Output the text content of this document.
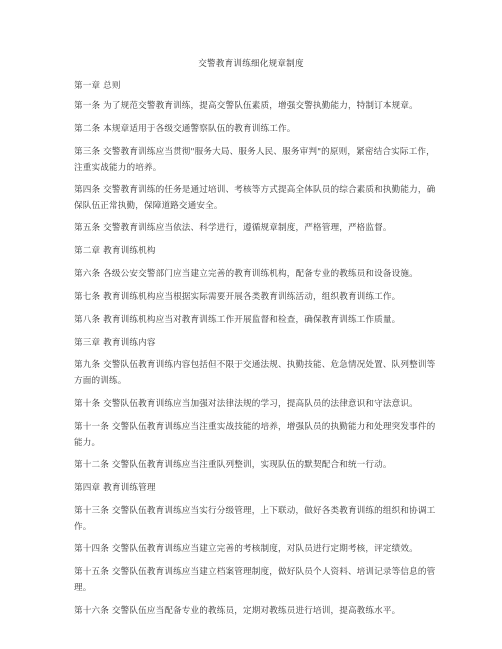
交警教育训练细化规章制度

第一章 总则

第一条 为了规范交警教育训练，提高交警队伍素质，增强交警执勤能力，特制订本规章。

第二条 本规章适用于各级交通警察队伍的教育训练工作。

第三条 交警教育训练应当贯彻"服务大局、服务人民、服务审判"的原则，紧密结合实际工作，注重实战能力的培养。

第四条 交警教育训练的任务是通过培训、考核等方式提高全体队员的综合素质和执勤能力，确保队伍正常执勤，保障道路交通安全。

第五条 交警教育训练应当依法、科学进行，遵循规章制度，严格管理，严格监督。

第二章 教育训练机构

第六条 各级公安交警部门应当建立完善的教育训练机构，配备专业的教练员和设备设施。

第七条 教育训练机构应当根据实际需要开展各类教育训练活动，组织教育训练工作。

第八条 教育训练机构应当对教育训练工作开展监督和检查，确保教育训练工作质量。

第三章 教育训练内容

第九条 交警队伍教育训练内容包括但不限于交通法规、执勤技能、危急情况处置、队列整训等方面的训练。

第十条 交警队伍教育训练应当加强对法律法规的学习，提高队员的法律意识和守法意识。

第十一条 交警队伍教育训练应当注重实战技能的培养，增强队员的执勤能力和处理突发事件的能力。

第十二条 交警队伍教育训练应当注重队列整训，实现队伍的默契配合和统一行动。

第四章 教育训练管理

第十三条 交警队伍教育训练应当实行分级管理，上下联动，做好各类教育训练的组织和协调工作。

第十四条 交警队伍教育训练应当建立完善的考核制度，对队员进行定期考核，评定绩效。

第十五条 交警队伍教育训练应当建立档案管理制度，做好队员个人资料、培训记录等信息的管理。

第十六条 交警队伍应当配备专业的教练员，定期对教练员进行培训，提高教练水平。
